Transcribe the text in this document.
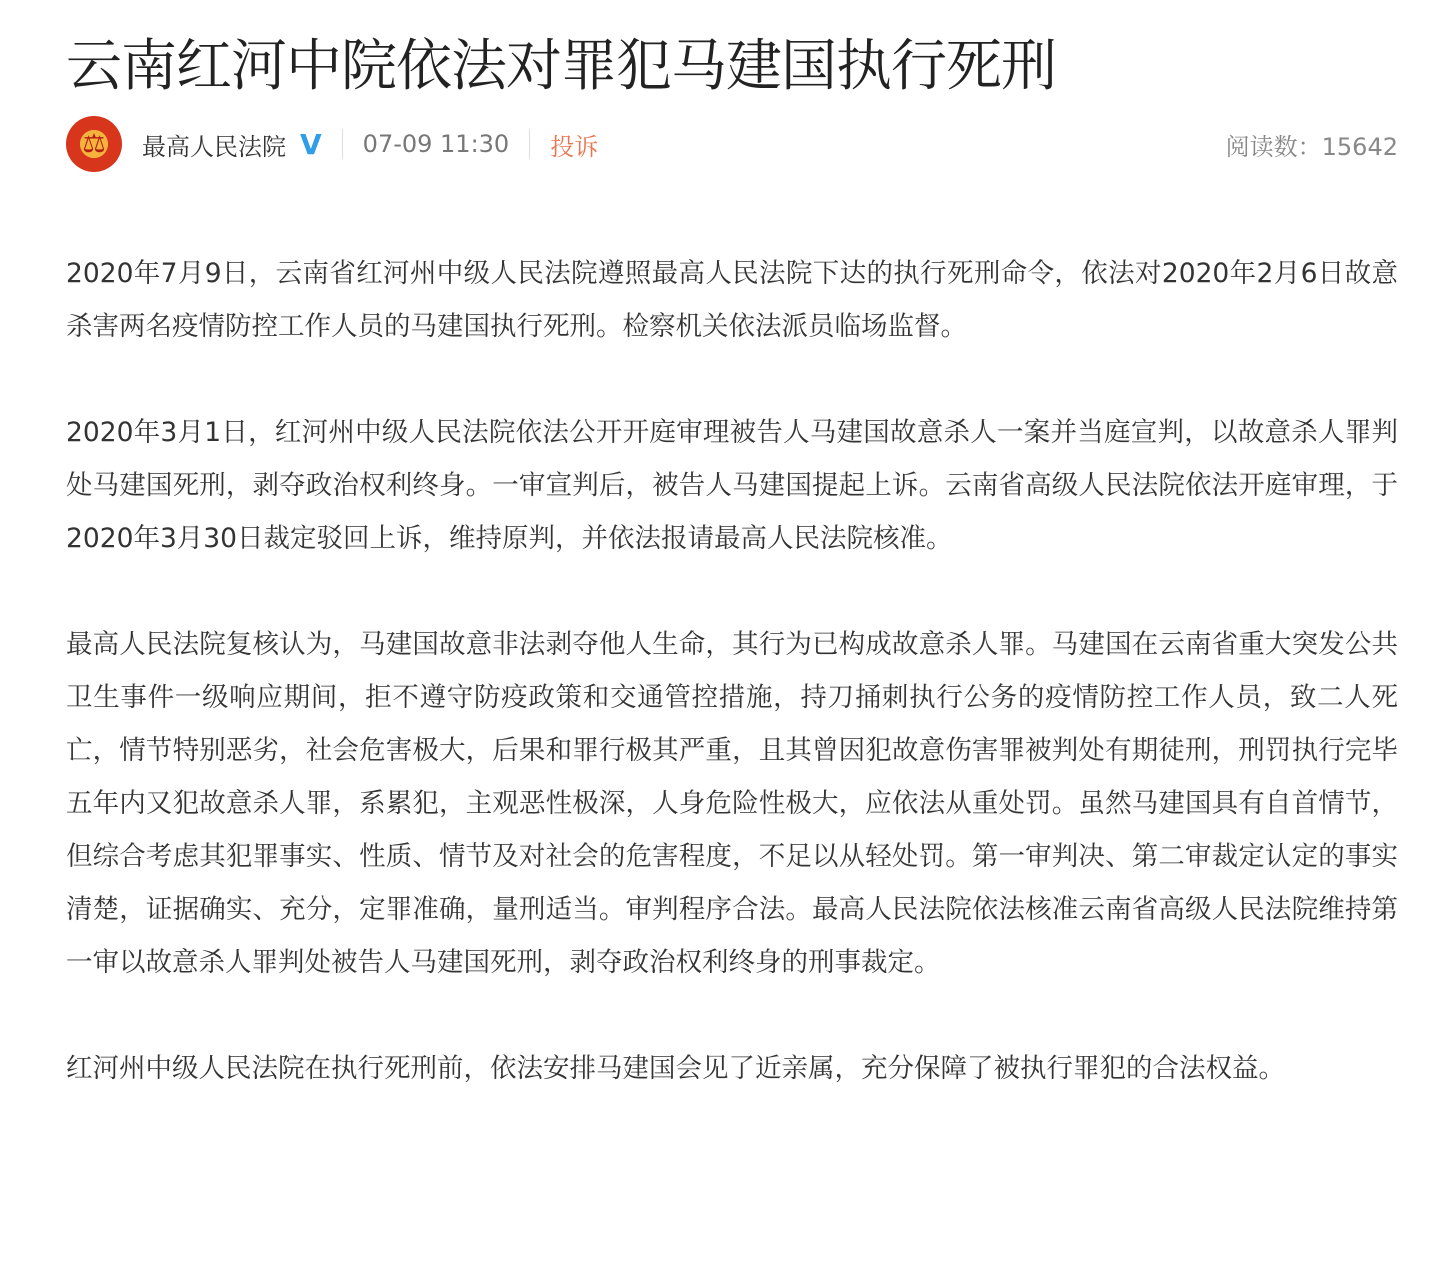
云南红河中院依法对罪犯马建国执行死刑
⚖	最高人民法院 V 07-09 11:30 投诉	阅读数：15642

2020年7月9日，云南省红河州中级人民法院遵照最高人民法院下达的执行死刑命令，依法对2020年2月6日故意杀害两名疫情防控工作人员的马建国执行死刑。检察机关依法派员临场监督。

2020年3月1日，红河州中级人民法院依法公开开庭审理被告人马建国故意杀人一案并当庭宣判，以故意杀人罪判处马建国死刑，剥夺政治权利终身。一审宣判后，被告人马建国提起上诉。云南省高级人民法院依法开庭审理，于2020年3月30日裁定驳回上诉，维持原判，并依法报请最高人民法院核准。

最高人民法院复核认为，马建国故意非法剥夺他人生命，其行为已构成故意杀人罪。马建国在云南省重大突发公共卫生事件一级响应期间，拒不遵守防疫政策和交通管控措施，持刀捅刺执行公务的疫情防控工作人员，致二人死亡，情节特别恶劣，社会危害极大，后果和罪行极其严重，且其曾因犯故意伤害罪被判处有期徒刑，刑罚执行完毕五年内又犯故意杀人罪，系累犯，主观恶性极深，人身危险性极大，应依法从重处罚。虽然马建国具有自首情节，但综合考虑其犯罪事实、性质、情节及对社会的危害程度，不足以从轻处罚。第一审判决、第二审裁定认定的事实清楚，证据确实、充分，定罪准确，量刑适当。审判程序合法。最高人民法院依法核准云南省高级人民法院维持第一审以故意杀人罪判处被告人马建国死刑，剥夺政治权利终身的刑事裁定。

红河州中级人民法院在执行死刑前，依法安排马建国会见了近亲属，充分保障了被执行罪犯的合法权益。
